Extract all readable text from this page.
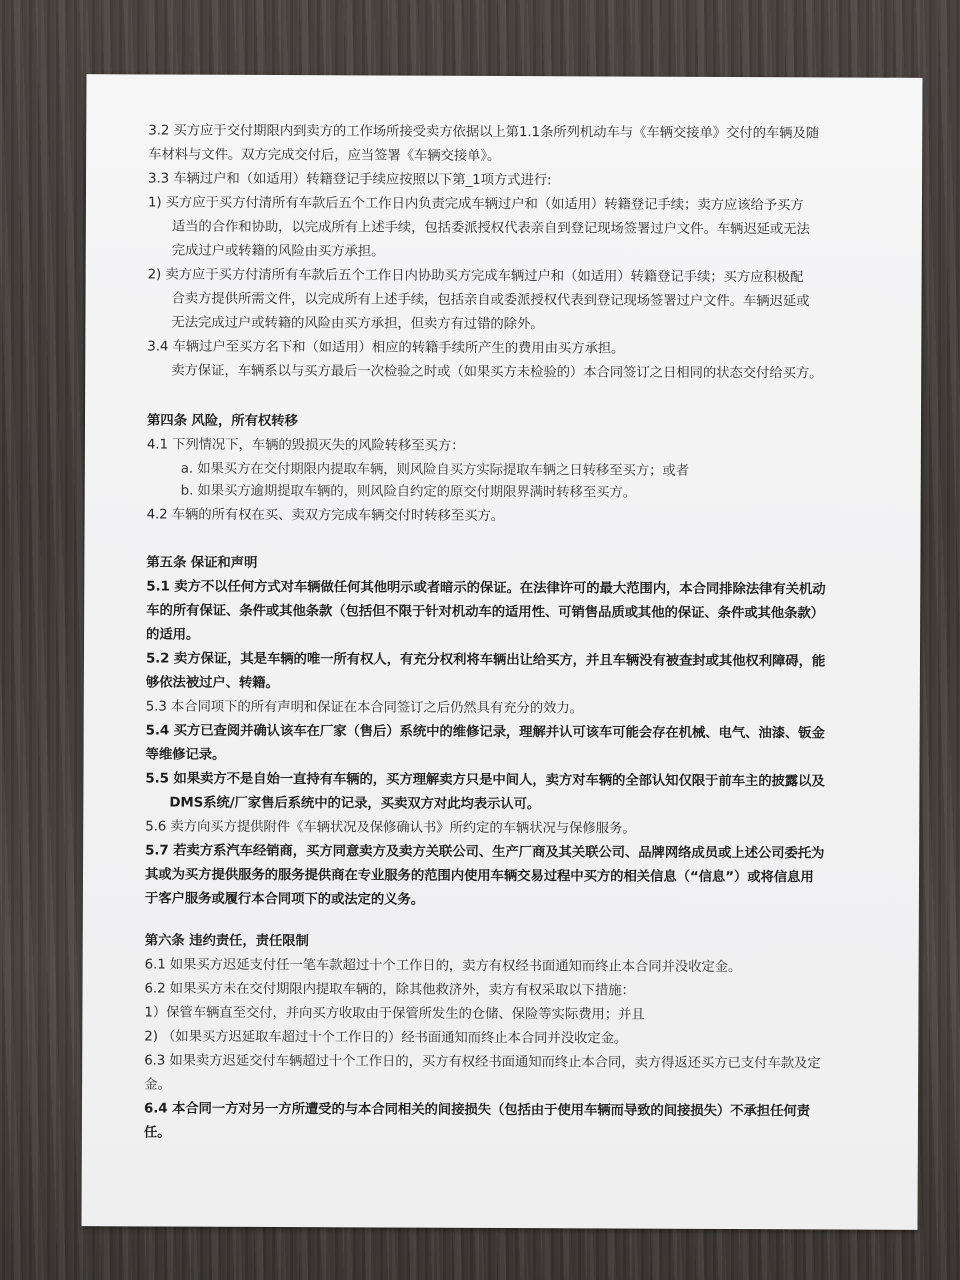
3.2 买方应于交付期限内到卖方的工作场所接受卖方依据以上第1.1条所列机动车与《车辆交接单》交付的车辆及随
车材料与文件。双方完成交付后，应当签署《车辆交接单》。
3.3 车辆过户和（如适用）转籍登记手续应按照以下第_1项方式进行:
1) 买方应于买方付清所有车款后五个工作日内负责完成车辆过户和（如适用）转籍登记手续；卖方应该给予买方
适当的合作和协助，以完成所有上述手续，包括委派授权代表亲自到登记现场签署过户文件。车辆迟延或无法
完成过户或转籍的风险由买方承担。
2) 卖方应于买方付清所有车款后五个工作日内协助买方完成车辆过户和（如适用）转籍登记手续；买方应积极配
合卖方提供所需文件，以完成所有上述手续，包括亲自或委派授权代表到登记现场签署过户文件。车辆迟延或
无法完成过户或转籍的风险由买方承担，但卖方有过错的除外。
3.4 车辆过户至买方名下和（如适用）相应的转籍手续所产生的费用由买方承担。
卖方保证，车辆系以与买方最后一次检验之时或（如果买方未检验的）本合同签订之日相同的状态交付给买方。
第四条 风险，所有权转移
4.1 下列情况下，车辆的毁损灭失的风险转移至买方：
a. 如果买方在交付期限内提取车辆，则风险自买方实际提取车辆之日转移至买方；或者
b. 如果买方逾期提取车辆的，则风险自约定的原交付期限界满时转移至买方。
4.2 车辆的所有权在买、卖双方完成车辆交付时转移至买方。
第五条 保证和声明
5.1 卖方不以任何方式对车辆做任何其他明示或者暗示的保证。在法律许可的最大范围内，本合同排除法律有关机动
车的所有保证、条件或其他条款（包括但不限于针对机动车的适用性、可销售品质或其他的保证、条件或其他条款）
的适用。
5.2 卖方保证，其是车辆的唯一所有权人，有充分权利将车辆出让给买方，并且车辆没有被查封或其他权利障碍，能
够依法被过户、转籍。
5.3 本合同项下的所有声明和保证在本合同签订之后仍然具有充分的效力。
5.4 买方已查阅并确认该车在厂家（售后）系统中的维修记录，理解并认可该车可能会存在机械、电气、油漆、钣金
等维修记录。
5.5 如果卖方不是自始一直持有车辆的，买方理解卖方只是中间人，卖方对车辆的全部认知仅限于前车主的披露以及
DMS系统/厂家售后系统中的记录，买卖双方对此均表示认可。
5.6 卖方向买方提供附件《车辆状况及保修确认书》所约定的车辆状况与保修服务。
5.7 若卖方系汽车经销商，买方同意卖方及卖方关联公司、生产厂商及其关联公司、品牌网络成员或上述公司委托为
其或为买方提供服务的服务提供商在专业服务的范围内使用车辆交易过程中买方的相关信息（“信息”）或将信息用
于客户服务或履行本合同项下的或法定的义务。
第六条 违约责任，责任限制
6.1 如果买方迟延支付任一笔车款超过十个工作日的，卖方有权经书面通知而终止本合同并没收定金。
6.2 如果买方未在交付期限内提取车辆的，除其他救济外，卖方有权采取以下措施：
1）保管车辆直至交付，并向买方收取由于保管所发生的仓储、保险等实际费用；并且
2) （如果买方迟延取车超过十个工作日的）经书面通知而终止本合同并没收定金。
6.3 如果卖方迟延交付车辆超过十个工作日的，买方有权经书面通知而终止本合同，卖方得返还买方已支付车款及定
金。
6.4 本合同一方对另一方所遭受的与本合同相关的间接损失（包括由于使用车辆而导致的间接损失）不承担任何责
任。
